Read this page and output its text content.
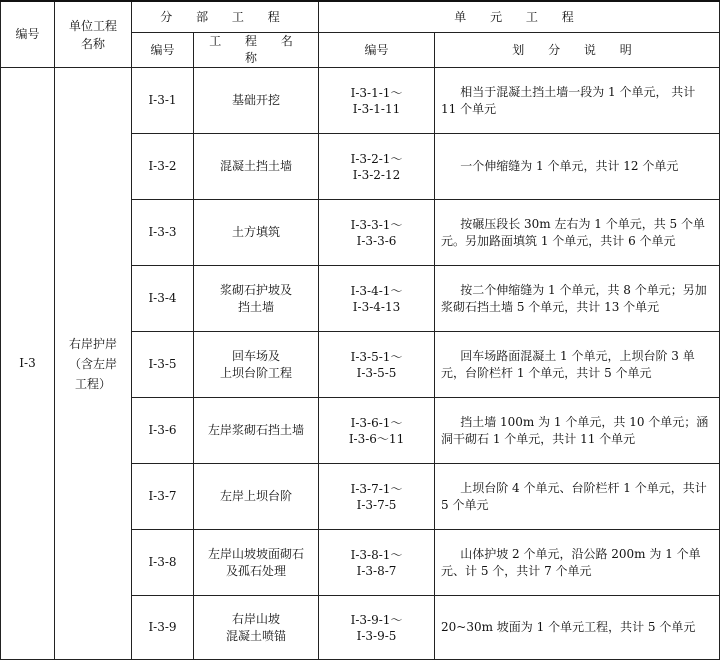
编号	单位工程名称	分 部 工 程		单 元 工 程	
		编号	工 程 名 称	编号	划 分 说 明
Ⅰ-3	右岸护岸（含左岸工程）	Ⅰ-3-1	基础开挖	Ⅰ-3-1-1～
Ⅰ-3-1-11	相当于混凝土挡土墙一段为 1 个单元， 共计 11 个单元
		Ⅰ-3-2	混凝土挡土墙	Ⅰ-3-2-1～
Ⅰ-3-2-12	一个伸缩缝为 1 个单元，共计 12 个单元
		Ⅰ-3-3	土方填筑	Ⅰ-3-3-1～
Ⅰ-3-3-6	按碾压段长 30m 左右为 1 个单元，共 5 个单元。另加路面填筑 1 个单元，共计 6 个单元
		Ⅰ-3-4	浆砌石护坡及
挡土墙	Ⅰ-3-4-1～
Ⅰ-3-4-13	按二个伸缩缝为 1 个单元，共 8 个单元；另加浆砌石挡土墙 5 个单元，共计 13 个单元
		Ⅰ-3-5	回车场及
上坝台阶工程	Ⅰ-3-5-1～
Ⅰ-3-5-5	回车场路面混凝土 1 个单元，上坝台阶 3 单元，台阶栏杆 1 个单元，共计 5 个单元
		Ⅰ-3-6	左岸浆砌石挡土墙	Ⅰ-3-6-1～
Ⅰ-3-6～11	挡土墙 100m 为 1 个单元，共 10 个单元；涵洞干砌石 1 个单元，共计 11 个单元
		Ⅰ-3-7	左岸上坝台阶	Ⅰ-3-7-1～
Ⅰ-3-7-5	上坝台阶 4 个单元、台阶栏杆 1 个单元，共计 5 个单元
		Ⅰ-3-8	左岸山坡坡面砌石
及孤石处理	Ⅰ-3-8-1～
Ⅰ-3-8-7	山体护坡 2 个单元，沿公路 200m 为 1 个单元、计 5 个，共计 7 个单元
		Ⅰ-3-9	右岸山坡
混凝土喷锚	Ⅰ-3-9-1～
Ⅰ-3-9-5	20~30m 坡面为 1 个单元工程，共计 5 个单元
